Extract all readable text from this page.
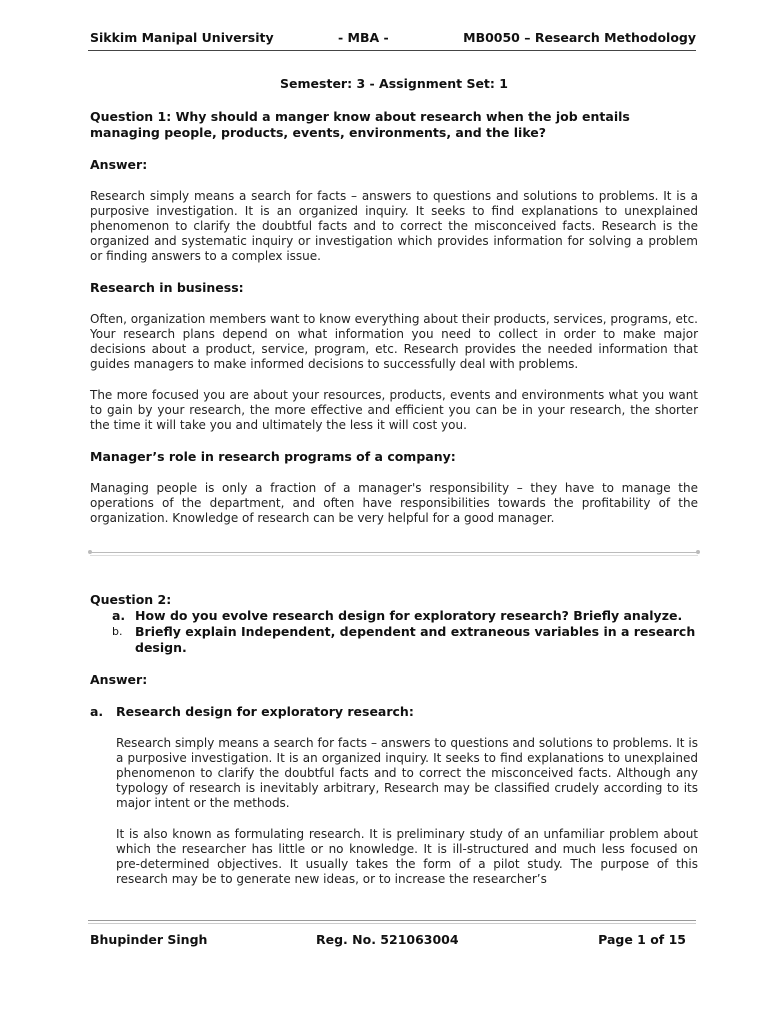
Sikkim Manipal University	- MBA -	MB0050 – Research Methodology
Semester: 3 - Assignment Set: 1
Question 1: Why should a manger know about research when the job entails managing people, products, events, environments, and the like?
Answer:

Research simply means a search for facts – answers to questions and solutions to problems. It is a purposive investigation. It is an organized inquiry. It seeks to find explanations to unexplained phenomenon to clarify the doubtful facts and to correct the misconceived facts. Research is the organized and systematic inquiry or investigation which provides information for solving a problem or finding answers to a complex issue.

Research in business:

Often, organization members want to know everything about their products, services, programs, etc. Your research plans depend on what information you need to collect in order to make major decisions about a product, service, program, etc. Research provides the needed information that guides managers to make informed decisions to successfully deal with problems.

The more focused you are about your resources, products, events and environments what you want to gain by your research, the more effective and efficient you can be in your research, the shorter the time it will take you and ultimately the less it will cost you.

Manager’s role in research programs of a company:

Managing people is only a fraction of a manager's responsibility – they have to manage the operations of the department, and often have responsibilities towards the profitability of the organization. Knowledge of research can be very helpful for a good manager.

Question 2:
a. How do you evolve research design for exploratory research? Briefly analyze.
b. Briefly explain Independent, dependent and extraneous variables in a research design.
Answer:
a. Research design for exploratory research:

Research simply means a search for facts – answers to questions and solutions to problems. It is a purposive investigation. It is an organized inquiry. It seeks to find explanations to unexplained phenomenon to clarify the doubtful facts and to correct the misconceived facts. Although any typology of research is inevitably arbitrary, Research may be classified crudely according to its major intent or the methods.

It is also known as formulating research. It is preliminary study of an unfamiliar problem about which the researcher has little or no knowledge. It is ill-structured and much less focused on pre-determined objectives. It usually takes the form of a pilot study. The purpose of this research may be to generate new ideas, or to increase the researcher’s

Bhupinder Singh	Reg. No. 521063004	Page 1 of 15
